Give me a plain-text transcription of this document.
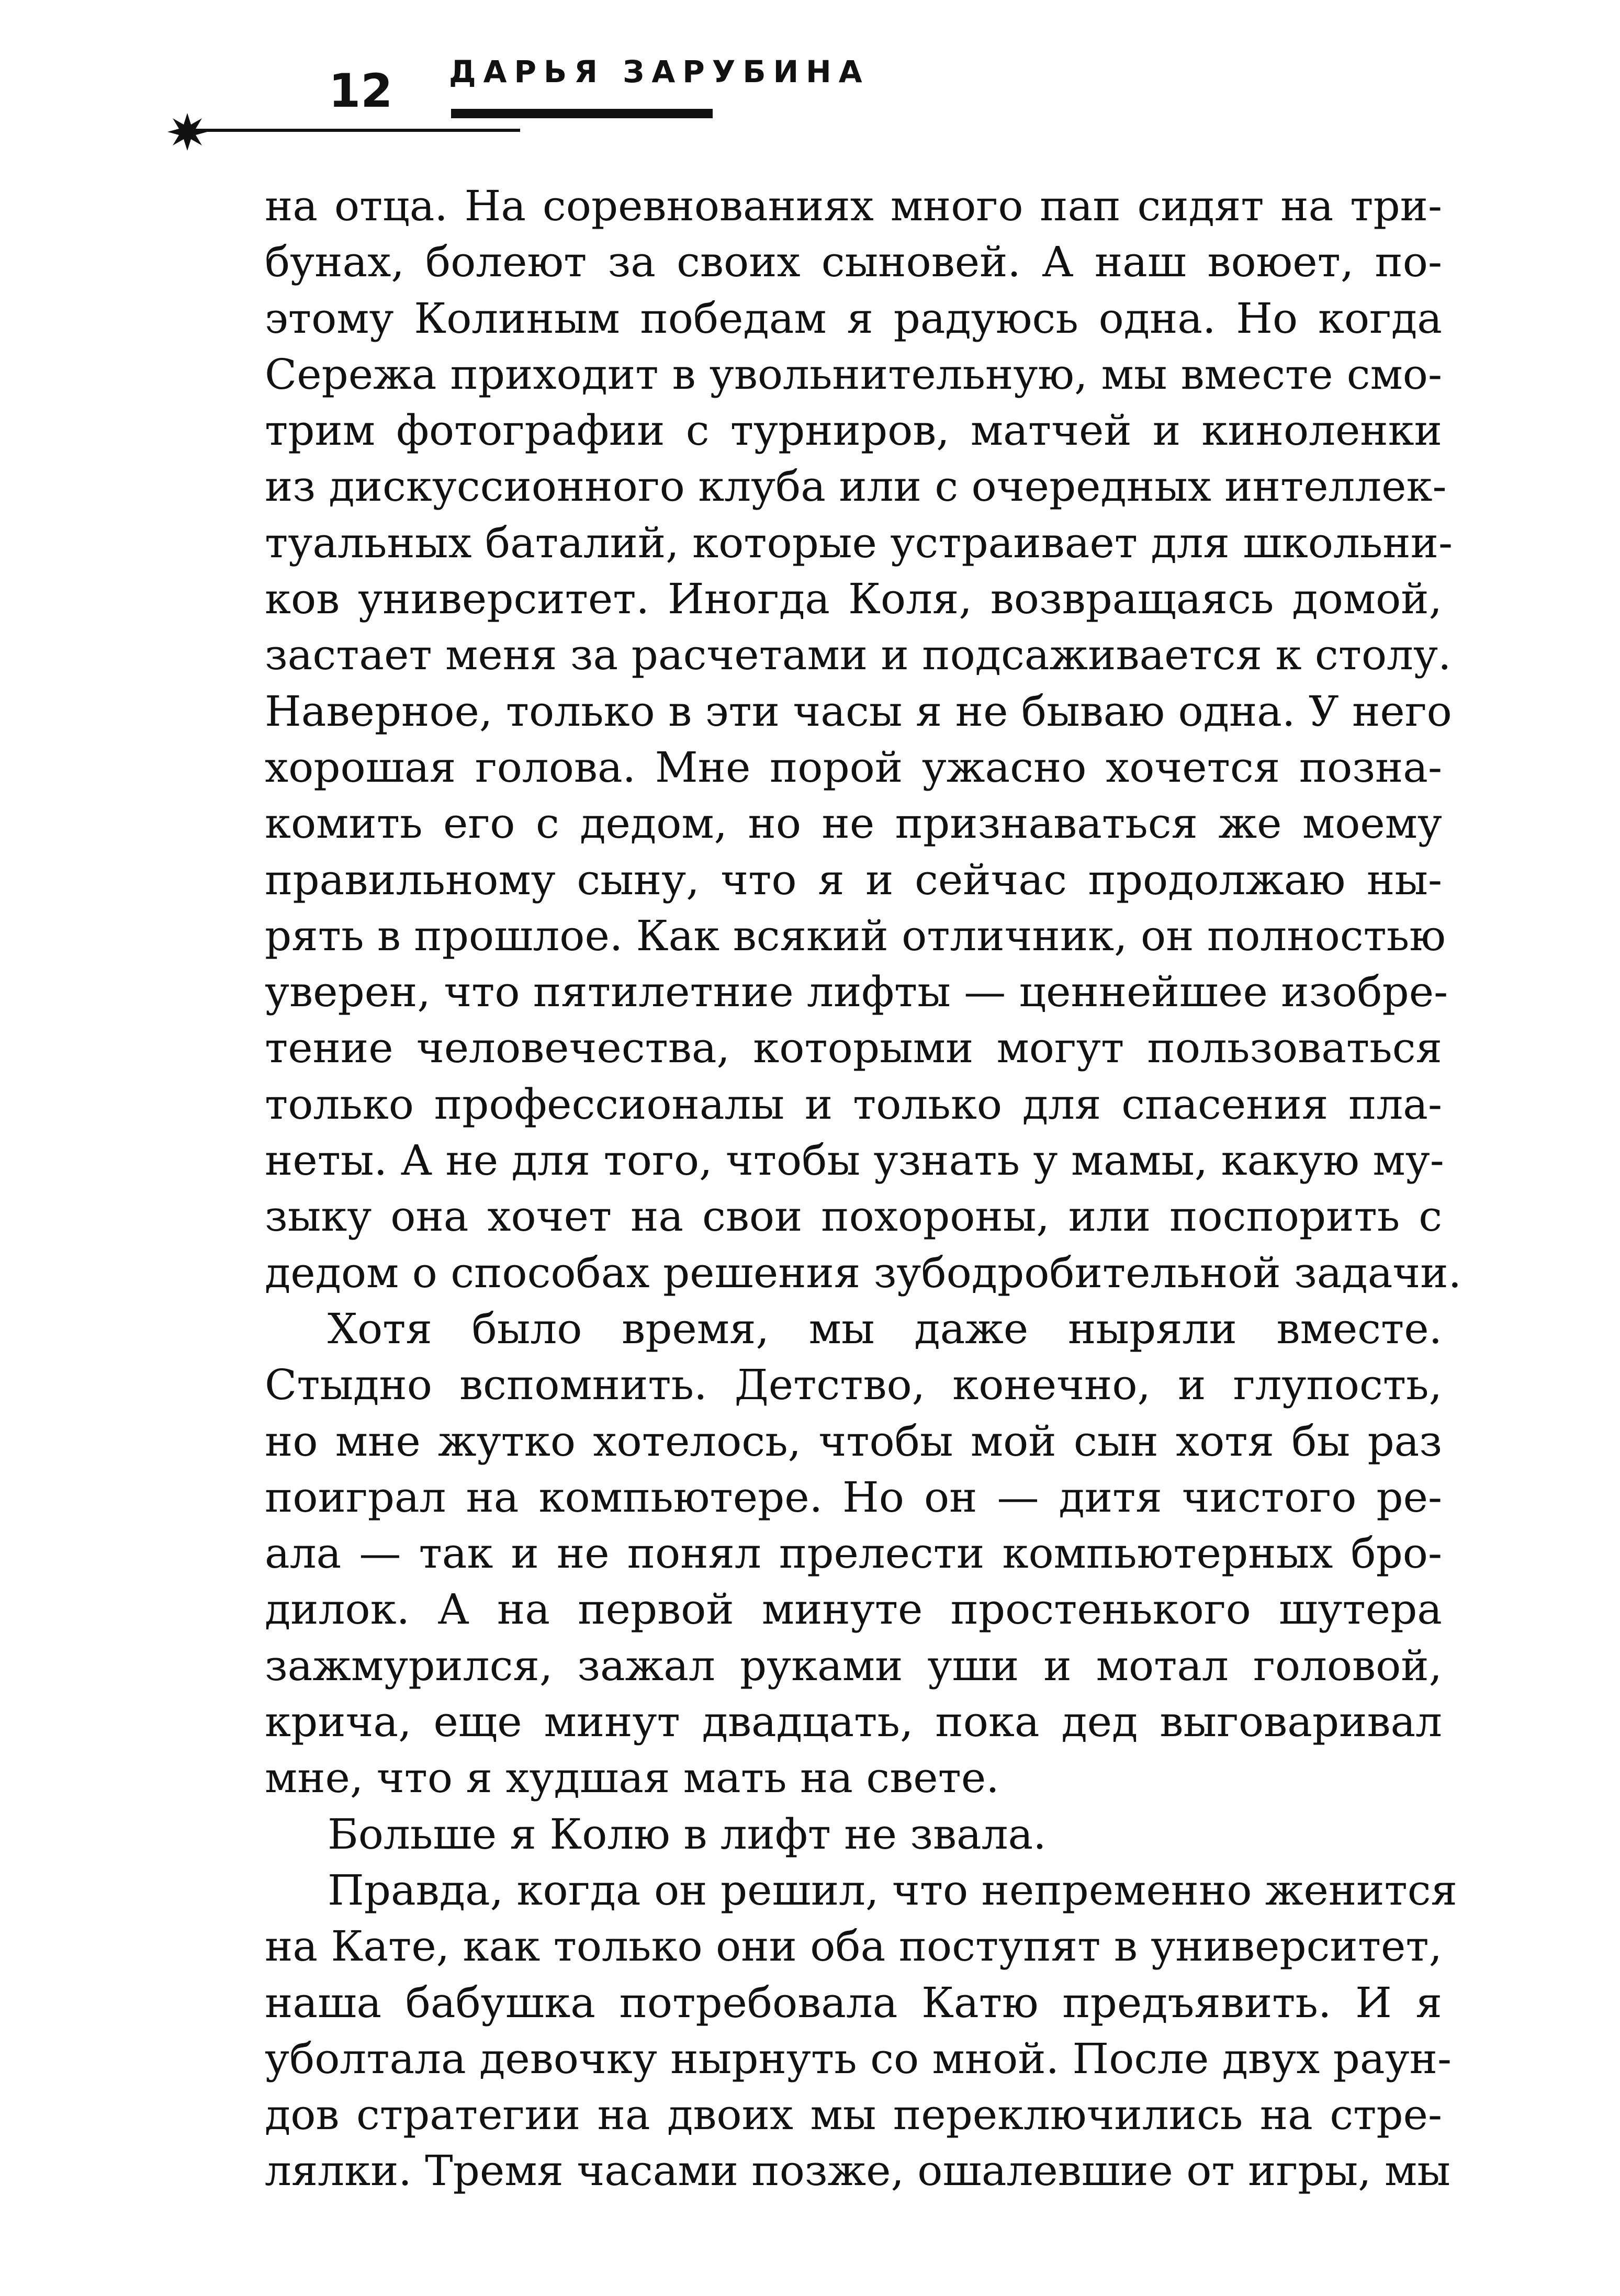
12 ДАРЬЯ ЗАРУБИНА
на отца. На соревнованиях много пап сидят на три-
бунах, болеют за своих сыновей. А наш воюет, по-
этому Колиным победам я радуюсь одна. Но когда
Сережа приходит в увольнительную, мы вместе смо-
трим фотографии с турниров, матчей и киноленки
из дискуссионного клуба или с очередных интеллек-
туальных баталий, которые устраивает для школьни-
ков университет. Иногда Коля, возвращаясь домой,
застает меня за расчетами и подсаживается к столу.
Наверное, только в эти часы я не бываю одна. У него
хорошая голова. Мне порой ужасно хочется позна-
комить его с дедом, но не признаваться же моему
правильному сыну, что я и сейчас продолжаю ны-
рять в прошлое. Как всякий отличник, он полностью
уверен, что пятилетние лифты — ценнейшее изобре-
тение человечества, которыми могут пользоваться
только профессионалы и только для спасения пла-
неты. А не для того, чтобы узнать у мамы, какую му-
зыку она хочет на свои похороны, или поспорить с
дедом о способах решения зубодробительной задачи.
Хотя было время, мы даже ныряли вместе.
Стыдно вспомнить. Детство, конечно, и глупость,
но мне жутко хотелось, чтобы мой сын хотя бы раз
поиграл на компьютере. Но он — дитя чистого ре-
ала — так и не понял прелести компьютерных бро-
дилок. А на первой минуте простенького шутера
зажмурился, зажал руками уши и мотал головой,
крича, еще минут двадцать, пока дед выговаривал
мне, что я худшая мать на свете.
Больше я Колю в лифт не звала.
Правда, когда он решил, что непременно женится
на Кате, как только они оба поступят в университет,
наша бабушка потребовала Катю предъявить. И я
уболтала девочку нырнуть со мной. После двух раун-
дов стратегии на двоих мы переключились на стре-
лялки. Тремя часами позже, ошалевшие от игры, мы
